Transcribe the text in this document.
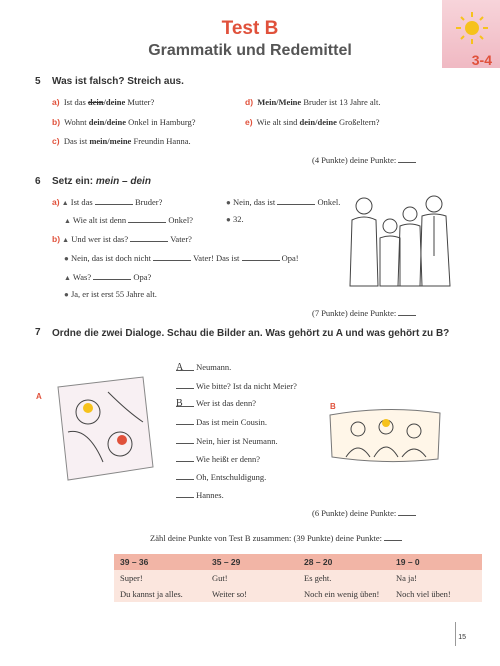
3-4
Test B
Grammatik und Redemittel
5 Was ist falsch? Streich aus.
a) Ist das dein/deine Mutter?
b) Wohnt dein/deine Onkel in Hamburg?
c) Das ist mein/meine Freundin Hanna.
d) Mein/Meine Bruder ist 13 Jahre alt.
e) Wie alt sind dein/deine Großeltern?
(4 Punkte) deine Punkte:
6 Setz ein: mein – dein
a) ▲ Ist das	Bruder?	● Nein, das ist	Onkel.
▲ Wie alt ist denn	Onkel?	● 32.
b) ▲ Und wer ist das?	Vater?
● Nein, das ist doch nicht	Vater! Das ist	Opa!
▲ Was?	Opa?
● Ja, er ist erst 55 Jahre alt.
(7 Punkte) deine Punkte:
7 Ordne die zwei Dialoge. Schau die Bilder an. Was gehört zu A und was gehört zu B?
A
B
A Neumann.
Wie bitte? Ist da nicht Meier?
B Wer ist das denn?
Das ist mein Cousin.
Nein, hier ist Neumann.
Wie heißt er denn?
Oh, Entschuldigung.
Hannes.
(6 Punkte) deine Punkte:
Zähl deine Punkte von Test B zusammen: (39 Punkte) deine Punkte:
39 – 36	35 – 29	28 – 20	19 – 0
Super!	Gut!	Es geht.	Na ja!
Du kannst ja alles.	Weiter so!	Noch ein wenig üben!	Noch viel üben!
15
